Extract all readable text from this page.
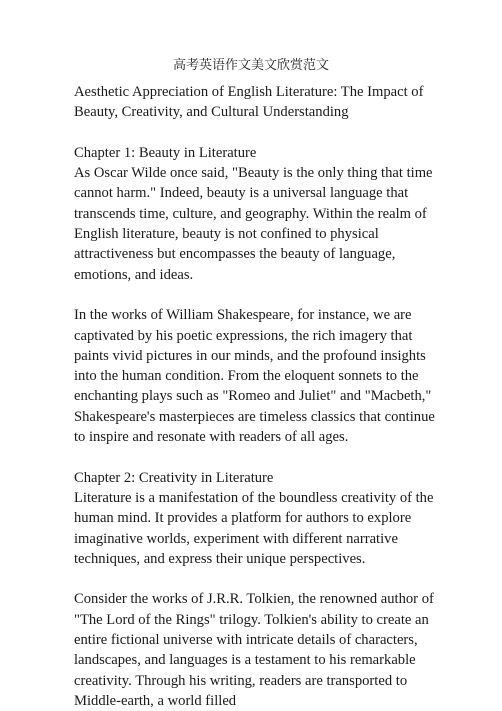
高考英语作文美文欣赏范文

Aesthetic Appreciation of English Literature: The Impact of Beauty, Creativity, and Cultural Understanding

Chapter 1: Beauty in Literature

As Oscar Wilde once said, "Beauty is the only thing that time cannot harm." Indeed, beauty is a universal language that transcends time, culture, and geography. Within the realm of English literature, beauty is not confined to physical attractiveness but encompasses the beauty of language, emotions, and ideas.

In the works of William Shakespeare, for instance, we are captivated by his poetic expressions, the rich imagery that paints vivid pictures in our minds, and the profound insights into the human condition. From the eloquent sonnets to the enchanting plays such as "Romeo and Juliet" and "Macbeth," Shakespeare's masterpieces are timeless classics that continue to inspire and resonate with readers of all ages.

Chapter 2: Creativity in Literature

Literature is a manifestation of the boundless creativity of the human mind. It provides a platform for authors to explore imaginative worlds, experiment with different narrative techniques, and express their unique perspectives.

Consider the works of J.R.R. Tolkien, the renowned author of "The Lord of the Rings" trilogy. Tolkien's ability to create an entire fictional universe with intricate details of characters, landscapes, and languages is a testament to his remarkable creativity. Through his writing, readers are transported to Middle-earth, a world filled
